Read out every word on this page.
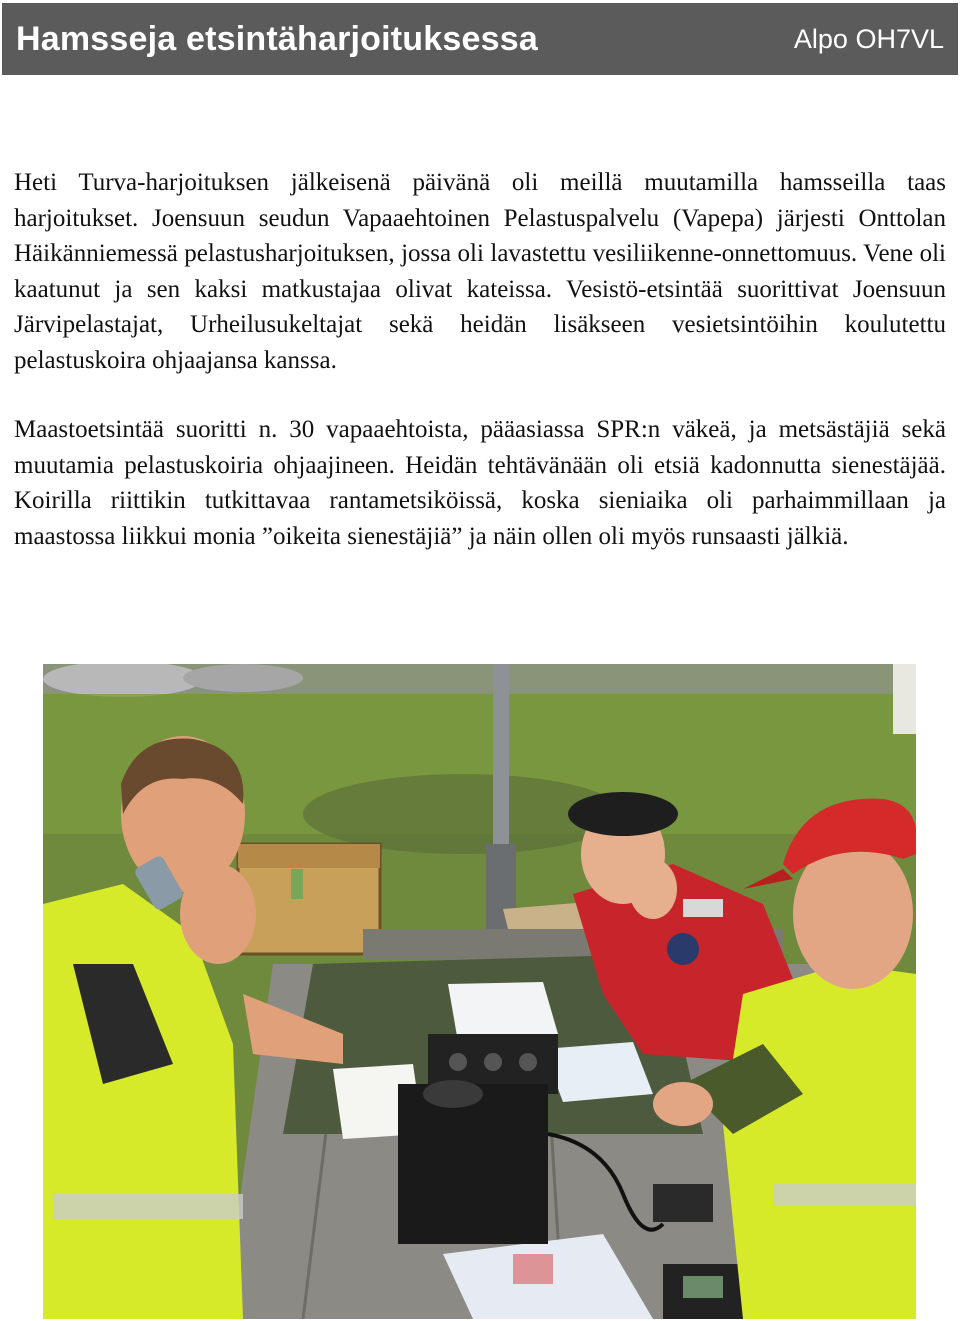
Hamsseja etsintäharjoituksessa	Alpo OH7VL

Heti Turva-harjoituksen jälkeisenä päivänä oli meillä muutamilla hamsseilla taas harjoitukset. Joensuun seudun Vapaaehtoinen Pelastuspalvelu (Vapepa) järjesti Onttolan Häikänniemessä pelastusharjoituksen, jossa oli lavastettu vesiliikenne-onnettomuus. Vene oli kaatunut ja sen kaksi matkustajaa olivat kateissa. Vesistö-etsintää suorittivat Joensuun Järvipelastajat, Urheilusukeltajat sekä heidän lisäkseen vesietsintöihin koulutettu pelastuskoira ohjaajansa kanssa.

Maastoetsintää suoritti n. 30 vapaaehtoista, pääasiassa SPR:n väkeä, ja metsästäjiä sekä muutamia pelastuskoiria ohjaajineen. Heidän tehtävänään oli etsiä kadonnutta sienestäjää. Koirilla riittikin tutkittavaa rantametsiköissä, koska sieniaika oli parhaimmillaan ja maastossa liikkui monia ”oikeita sienestäjiä” ja näin ollen oli myös runsaasti jälkiä.
